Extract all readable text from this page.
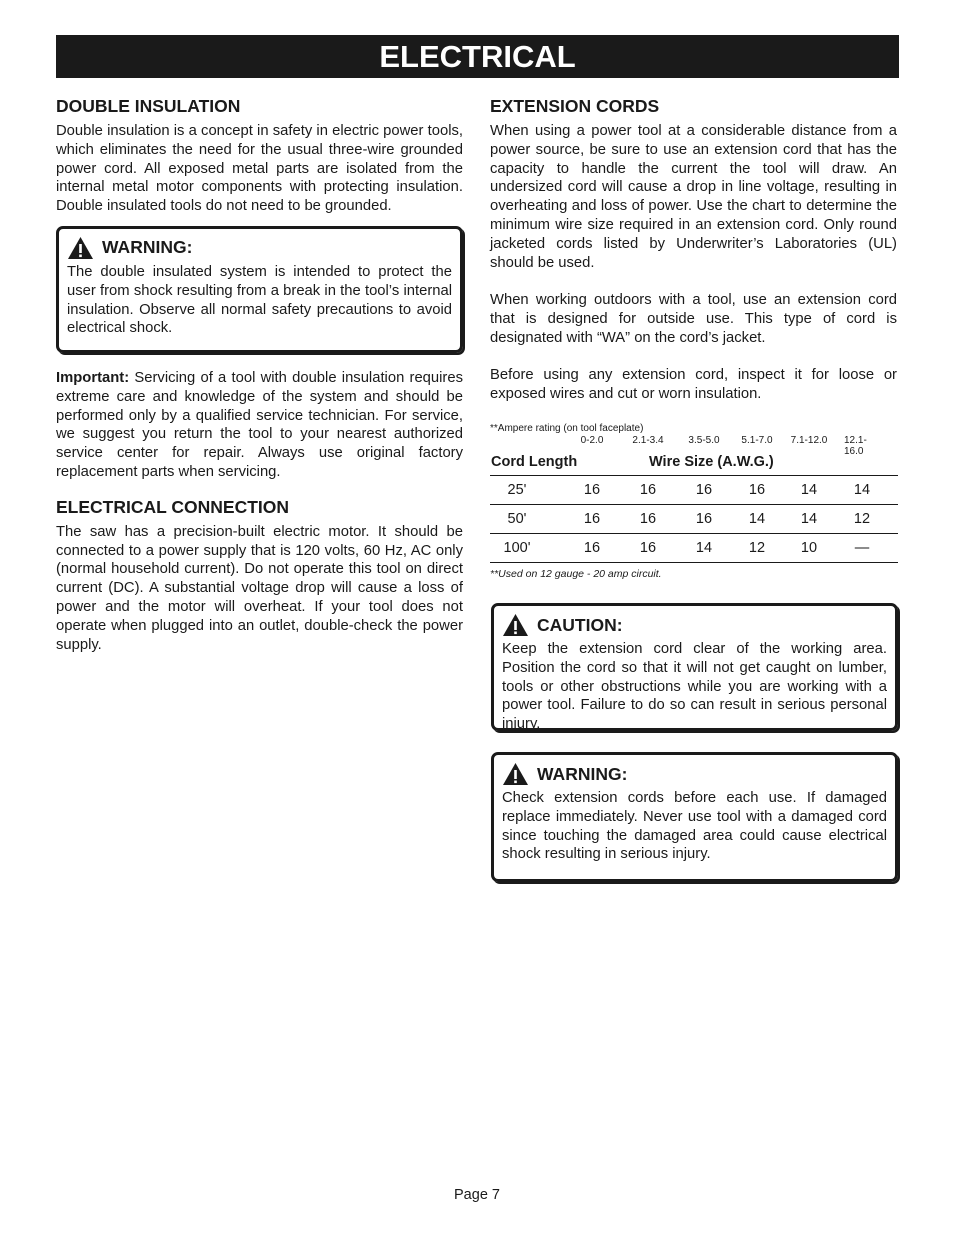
ELECTRICAL
DOUBLE INSULATION

Double insulation is a concept in safety in electric power tools, which eliminates the need for the usual three-wire grounded power cord. All exposed metal parts are isolated from the internal metal motor components with protecting insulation. Double insulated tools do not need to be grounded.

WARNING:

The double insulated system is intended to protect the user from shock resulting from a break in the tool’s internal insulation. Observe all normal safety precautions to avoid electrical shock.

Important: Servicing of a tool with double insulation requires extreme care and knowledge of the system and should be performed only by a qualified service technician. For service, we suggest you return the tool to your nearest authorized service center for repair. Always use original factory replacement parts when servicing.

ELECTRICAL CONNECTION

The saw has a precision-built electric motor. It should be connected to a power supply that is 120 volts, 60 Hz, AC only (normal household current). Do not operate this tool on direct current (DC). A substantial voltage drop will cause a loss of power and the motor will overheat. If your tool does not operate when plugged into an outlet, double-check the power supply.

EXTENSION CORDS

When using a power tool at a considerable distance from a power source, be sure to use an extension cord that has the capacity to handle the current the tool will draw. An undersized cord will cause a drop in line voltage, resulting in overheating and loss of power. Use the chart to determine the minimum wire size required in an extension cord. Only round jacketed cords listed by Underwriter’s Laboratories (UL) should be used.

When working outdoors with a tool, use an extension cord that is designed for outside use. This type of cord is designated with “WA” on the cord’s jacket.

Before using any extension cord, inspect it for loose or exposed wires and cut or worn insulation.

**Ampere rating (on tool faceplate)
0-2.0	2.1-3.4 3.5-5.0 5.1-7.0 7.1-12.0 12.1-16.0
Cord Length	Wire Size (A.W.G.)
25'	16	16	16	16 14	14
50'	16	16	16	14 14	12
100'	16	16	14	12 10	—
**Used on 12 gauge - 20 amp circuit.
CAUTION:

Keep the extension cord clear of the working area. Position the cord so that it will not get caught on lumber, tools or other obstructions while you are working with a power tool. Failure to do so can result in serious personal injury.

WARNING:

Check extension cords before each use. If damaged replace immediately. Never use tool with a damaged cord since touching the damaged area could cause electrical shock resulting in serious injury.

Page 7
